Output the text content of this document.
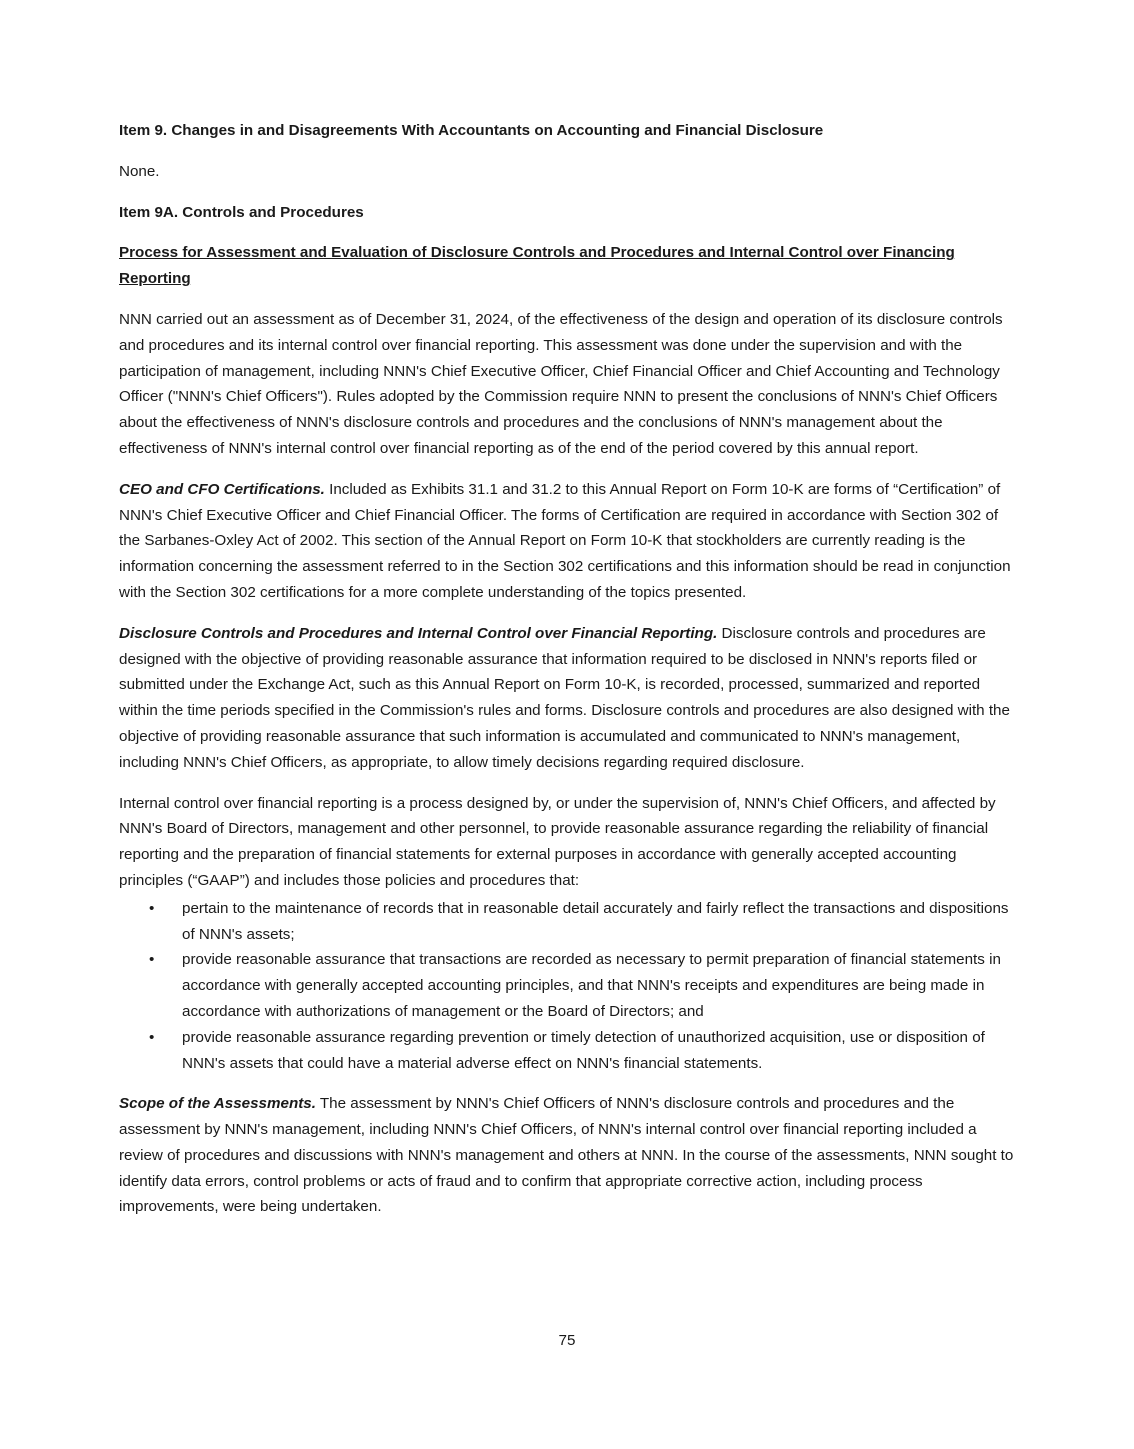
Item 9. Changes in and Disagreements With Accountants on Accounting and Financial Disclosure

None.

Item 9A. Controls and Procedures

Process for Assessment and Evaluation of Disclosure Controls and Procedures and Internal Control over Financing Reporting

NNN carried out an assessment as of December 31, 2024, of the effectiveness of the design and operation of its disclosure controls and procedures and its internal control over financial reporting. This assessment was done under the supervision and with the participation of management, including NNN's Chief Executive Officer, Chief Financial Officer and Chief Accounting and Technology Officer ("NNN's Chief Officers"). Rules adopted by the Commission require NNN to present the conclusions of NNN's Chief Officers about the effectiveness of NNN's disclosure controls and procedures and the conclusions of NNN's management about the effectiveness of NNN's internal control over financial reporting as of the end of the period covered by this annual report.

CEO and CFO Certifications. Included as Exhibits 31.1 and 31.2 to this Annual Report on Form 10-K are forms of “Certification” of NNN's Chief Executive Officer and Chief Financial Officer. The forms of Certification are required in accordance with Section 302 of the Sarbanes-Oxley Act of 2002. This section of the Annual Report on Form 10-K that stockholders are currently reading is the information concerning the assessment referred to in the Section 302 certifications and this information should be read in conjunction with the Section 302 certifications for a more complete understanding of the topics presented.

Disclosure Controls and Procedures and Internal Control over Financial Reporting. Disclosure controls and procedures are designed with the objective of providing reasonable assurance that information required to be disclosed in NNN's reports filed or submitted under the Exchange Act, such as this Annual Report on Form 10-K, is recorded, processed, summarized and reported within the time periods specified in the Commission's rules and forms. Disclosure controls and procedures are also designed with the objective of providing reasonable assurance that such information is accumulated and communicated to NNN's management, including NNN's Chief Officers, as appropriate, to allow timely decisions regarding required disclosure.

Internal control over financial reporting is a process designed by, or under the supervision of, NNN's Chief Officers, and affected by NNN's Board of Directors, management and other personnel, to provide reasonable assurance regarding the reliability of financial reporting and the preparation of financial statements for external purposes in accordance with generally accepted accounting principles (“GAAP”) and includes those policies and procedures that:

• pertain to the maintenance of records that in reasonable detail accurately and fairly reflect the transactions and dispositions of NNN's assets;
• provide reasonable assurance that transactions are recorded as necessary to permit preparation of financial statements in accordance with generally accepted accounting principles, and that NNN's receipts and expenditures are being made in accordance with authorizations of management or the Board of Directors; and
• provide reasonable assurance regarding prevention or timely detection of unauthorized acquisition, use or disposition of NNN's assets that could have a material adverse effect on NNN's financial statements.

Scope of the Assessments. The assessment by NNN's Chief Officers of NNN's disclosure controls and procedures and the assessment by NNN's management, including NNN's Chief Officers, of NNN's internal control over financial reporting included a review of procedures and discussions with NNN's management and others at NNN. In the course of the assessments, NNN sought to identify data errors, control problems or acts of fraud and to confirm that appropriate corrective action, including process improvements, were being undertaken.

75
